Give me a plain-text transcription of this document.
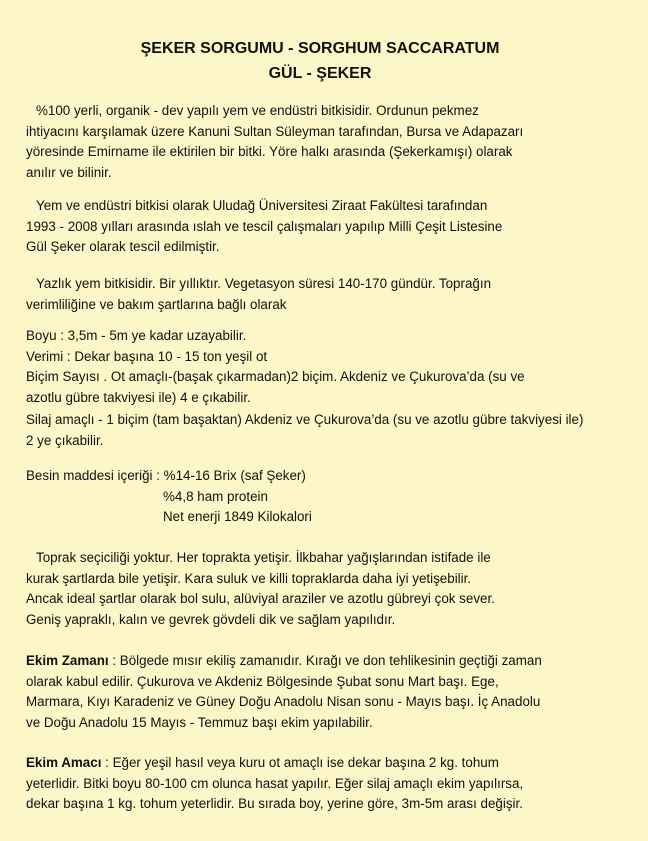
ŞEKER SORGUMU - SORGHUM SACCARATUM
GÜL - ŞEKER

%100 yerli, organik - dev yapılı yem ve endüstri bitkisidir. Ordunun pekmez
ihtiyacını karşılamak üzere Kanuni Sultan Süleyman tarafından, Bursa ve Adapazarı
yöresinde Emirname ile ektirilen bir bitki. Yöre halkı arasında (Şekerkamışı) olarak
anılır ve bilinir.

Yem ve endüstri bitkisi olarak Uludağ Üniversitesi Ziraat Fakültesi tarafından
1993 - 2008 yılları arasında ıslah ve tescil çalışmaları yapılıp Milli Çeşit Listesine
Gül Şeker olarak tescil edilmiştir.

Yazlık yem bitkisidir. Bir yıllıktır. Vegetasyon süresi 140-170 gündür. Toprağın
verimliliğine ve bakım şartlarına bağlı olarak

Boyu : 3,5m - 5m ye kadar uzayabilir.
Verimi : Dekar başına 10 - 15 ton yeşil ot
Biçim Sayısı . Ot amaçlı-(başak çıkarmadan)2 biçim. Akdeniz ve Çukurova’da (su ve
azotlu gübre takviyesi ile) 4 e çıkabilir.

Silaj amaçlı - 1 biçim (tam başaktan) Akdeniz ve Çukurova’da (su ve azotlu gübre takviyesi ile)
2 ye çıkabilir.

Besin maddesi içeriği : %14-16 Brix (saf Şeker)
%4,8 ham protein
Net enerji 1849 Kilokalori

Toprak seçiciliği yoktur. Her toprakta yetişir. İlkbahar yağışlarından istifade ile
kurak şartlarda bile yetişir. Kara suluk ve killi topraklarda daha iyi yetişebilir.
Ancak ideal şartlar olarak bol sulu, alüviyal araziler ve azotlu gübreyi çok sever.
Geniş yapraklı, kalın ve gevrek gövdeli dik ve sağlam yapılıdır.

Ekim Zamanı : Bölgede mısır ekiliş zamanıdır. Kırağı ve don tehlikesinin geçtiği zaman
olarak kabul edilir. Çukurova ve Akdeniz Bölgesinde Şubat sonu Mart başı. Ege,
Marmara, Kıyı Karadeniz ve Güney Doğu Anadolu Nisan sonu - Mayıs başı. İç Anadolu
ve Doğu Anadolu 15 Mayıs - Temmuz başı ekim yapılabilir.

Ekim Amacı : Eğer yeşil hasıl veya kuru ot amaçlı ise dekar başına 2 kg. tohum
yeterlidir. Bitki boyu 80-100 cm olunca hasat yapılır. Eğer silaj amaçlı ekim yapılırsa,
dekar başına 1 kg. tohum yeterlidir. Bu sırada boy, yerine göre, 3m-5m arası değişir.
